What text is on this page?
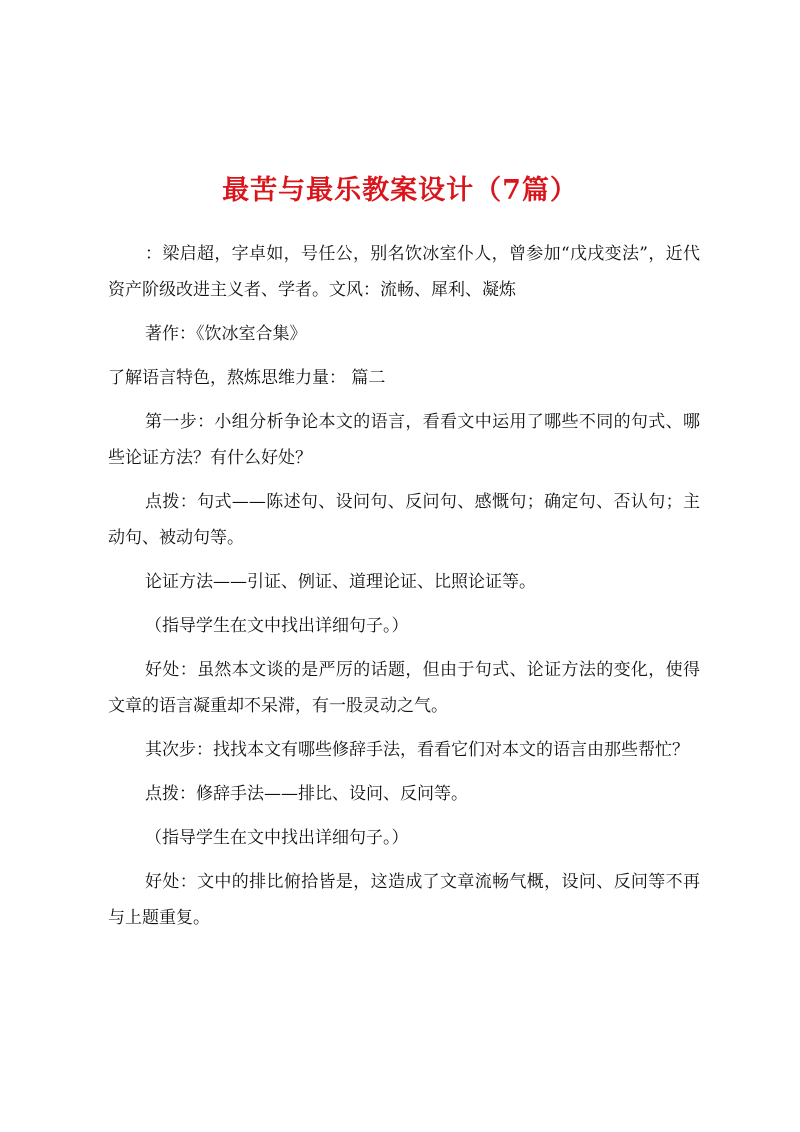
最苦与最乐教案设计（7篇）

：梁启超，字卓如，号任公，别名饮冰室仆人，曾参加“戊戌变法”，近代资产阶级改进主义者、学者。文风：流畅、犀利、凝炼

著作：《饮冰室合集》

了解语言特色，熬炼思维力量： 篇二

第一步：小组分析争论本文的语言，看看文中运用了哪些不同的句式、哪些论证方法？有什么好处？

点拨：句式——陈述句、设问句、反问句、感慨句；确定句、否认句；主动句、被动句等。

论证方法——引证、例证、道理论证、比照论证等。

（指导学生在文中找出详细句子。）

好处：虽然本文谈的是严厉的话题，但由于句式、论证方法的变化，使得文章的语言凝重却不呆滞，有一股灵动之气。

其次步：找找本文有哪些修辞手法，看看它们对本文的语言由那些帮忙？

点拨：修辞手法——排比、设问、反问等。

（指导学生在文中找出详细句子。）

好处：文中的排比俯拾皆是，这造成了文章流畅气概，设问、反问等不再与上题重复。
